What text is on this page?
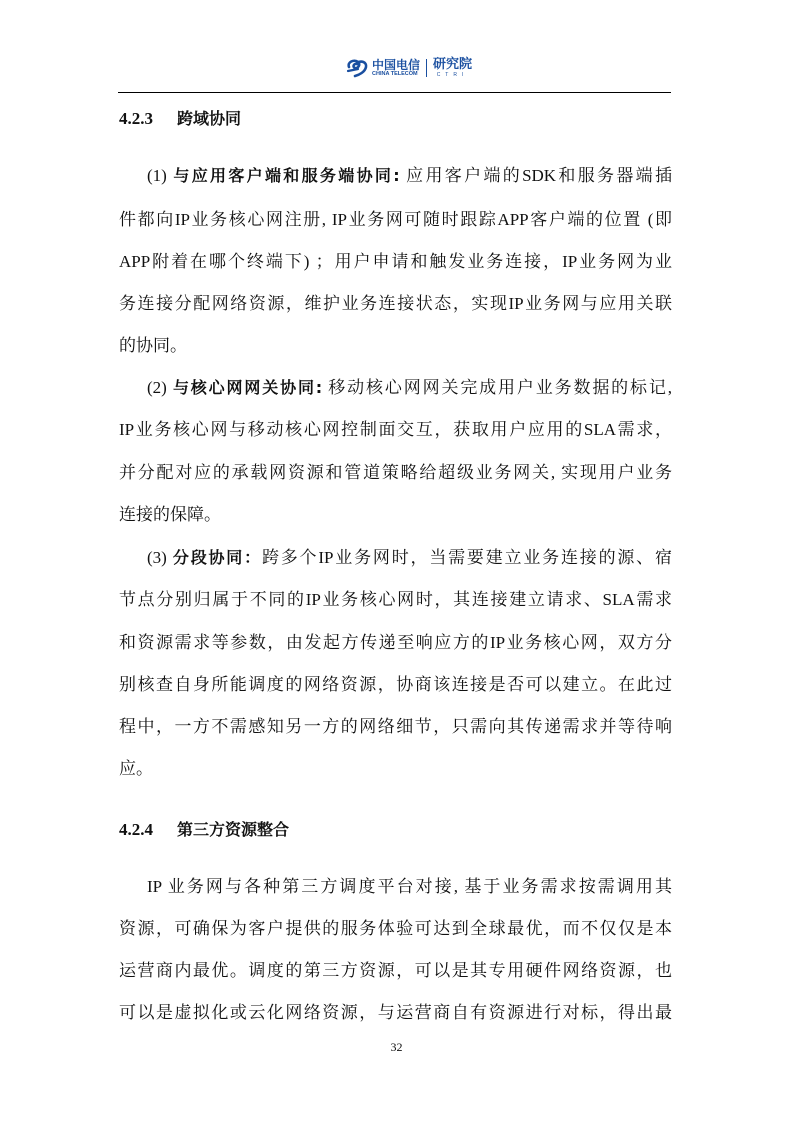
中国电信
CHINA TELECOM
研究院
CTRI
4.2.3 跨域协同
(1) 与应用客户端和服务端协同: 应用客户端的SDK和服务器端插
件都向IP业务核心网注册, IP业务网可随时跟踪APP客户端的位置 (即
APP附着在哪个终端下) ；用户申请和触发业务连接，IP业务网为业
务连接分配网络资源，维护业务连接状态，实现IP业务网与应用关联
的协同。
(2) 与核心网网关协同: 移动核心网网关完成用户业务数据的标记,
IP业务核心网与移动核心网控制面交互，获取用户应用的SLA需求，
并分配对应的承载网资源和管道策略给超级业务网关, 实现用户业务
连接的保障。
(3) 分段协同：跨多个IP业务网时，当需要建立业务连接的源、宿
节点分别归属于不同的IP业务核心网时，其连接建立请求、SLA需求
和资源需求等参数，由发起方传递至响应方的IP业务核心网，双方分
别核查自身所能调度的网络资源，协商该连接是否可以建立。在此过
程中，一方不需感知另一方的网络细节，只需向其传递需求并等待响
应。
4.2.4 第三方资源整合
IP 业务网与各种第三方调度平台对接, 基于业务需求按需调用其
资源，可确保为客户提供的服务体验可达到全球最优，而不仅仅是本
运营商内最优。调度的第三方资源，可以是其专用硬件网络资源，也
可以是虚拟化或云化网络资源，与运营商自有资源进行对标，得出最
32
